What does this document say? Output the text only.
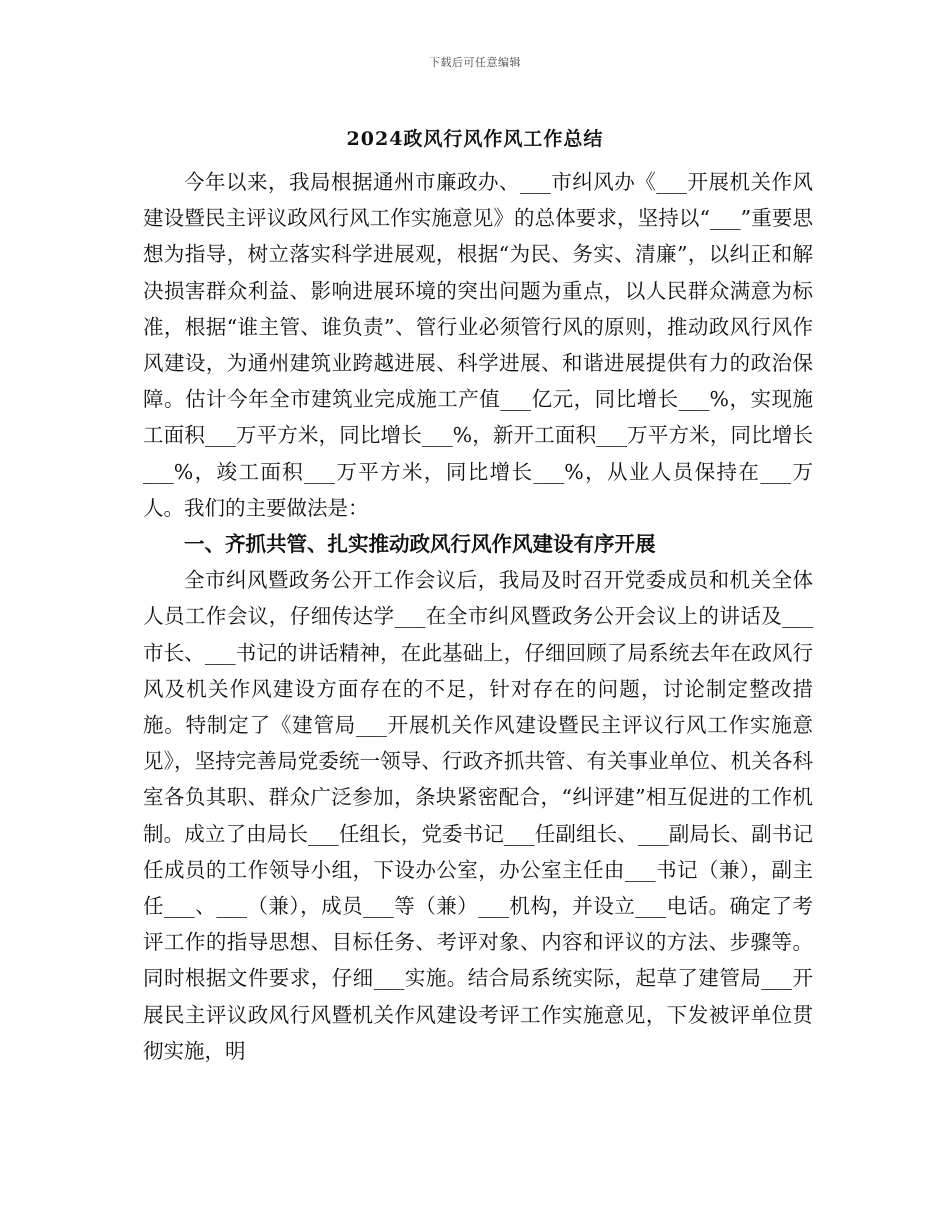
下载后可任意编辑
2024政风行风作风工作总结

今年以来，我局根据通州市廉政办、___市纠风办《___开展机关作风建设暨民主评议政风行风工作实施意见》的总体要求，坚持以“___”重要思想为指导，树立落实科学进展观，根据“为民、务实、清廉”，以纠正和解决损害群众利益、影响进展环境的突出问题为重点，以人民群众满意为标准，根据“谁主管、谁负责”、管行业必须管行风的原则，推动政风行风作风建设，为通州建筑业跨越进展、科学进展、和谐进展提供有力的政治保障。估计今年全市建筑业完成施工产值___亿元，同比增长___%，实现施工面积___万平方米，同比增长___%，新开工面积___万平方米，同比增长___%，竣工面积___万平方米，同比增长___%，从业人员保持在___万人。我们的主要做法是：

一、齐抓共管、扎实推动政风行风作风建设有序开展

全市纠风暨政务公开工作会议后，我局及时召开党委成员和机关全体人员工作会议，仔细传达学___在全市纠风暨政务公开会议上的讲话及___市长、___书记的讲话精神，在此基础上，仔细回顾了局系统去年在政风行风及机关作风建设方面存在的不足，针对存在的问题，讨论制定整改措施。特制定了《建管局___开展机关作风建设暨民主评议行风工作实施意见》，坚持完善局党委统一领导、行政齐抓共管、有关事业单位、机关各科室各负其职、群众广泛参加，条块紧密配合，“纠评建”相互促进的工作机制。成立了由局长___任组长，党委书记___任副组长、___副局长、副书记任成员的工作领导小组，下设办公室，办公室主任由___书记（兼），副主任___、___（兼），成员___等（兼）___机构，并设立___电话。确定了考评工作的指导思想、目标任务、考评对象、内容和评议的方法、步骤等。同时根据文件要求，仔细___实施。结合局系统实际，起草了建管局___开展民主评议政风行风暨机关作风建设考评工作实施意见，下发被评单位贯彻实施，明
